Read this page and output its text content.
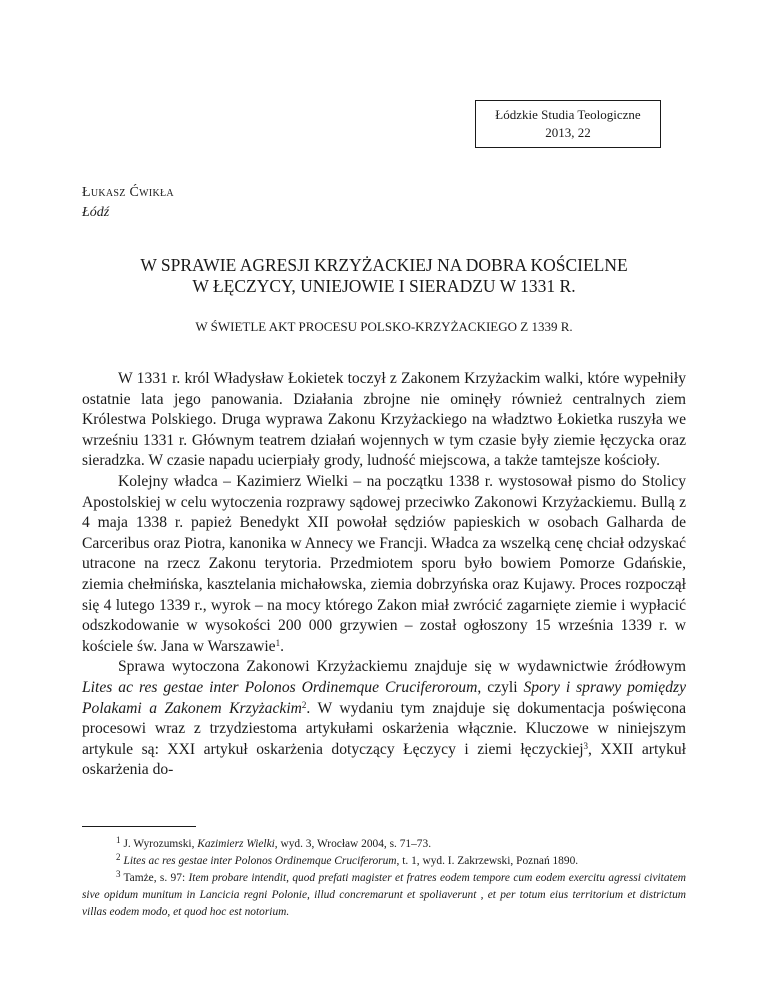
Łódzkie Studia Teologiczne
2013, 22
Łukasz Ćwikła
Łódź
W SPRAWIE AGRESJI KRZYŻACKIEJ NA DOBRA KOŚCIELNE
W ŁĘCZYCY, UNIEJOWIE I SIERADZU W 1331 R.
W ŚWIETLE AKT PROCESU POLSKO-KRZYŻACKIEGO Z 1339 R.

W 1331 r. król Władysław Łokietek toczył z Zakonem Krzyżackim walki, które wypełniły ostatnie lata jego panowania. Działania zbrojne nie ominęły również centralnych ziem Królestwa Polskiego. Druga wyprawa Zakonu Krzyżackiego na władztwo Łokietka ruszyła we wrześniu 1331 r. Głównym teatrem działań wojennych w tym czasie były ziemie łęczycka oraz sieradzka. W czasie napadu ucierpiały grody, ludność miejscowa, a także tamtejsze kościoły.

Kolejny władca – Kazimierz Wielki – na początku 1338 r. wystosował pismo do Stolicy Apostolskiej w celu wytoczenia rozprawy sądowej przeciwko Zakonowi Krzyżackiemu. Bullą z 4 maja 1338 r. papież Benedykt XII powołał sędziów papieskich w osobach Galharda de Carceribus oraz Piotra, kanonika w Annecy we Francji. Władca za wszelką cenę chciał odzyskać utracone na rzecz Zakonu terytoria. Przedmiotem sporu było bowiem Pomorze Gdańskie, ziemia chełmińska, kasztelania michałowska, ziemia dobrzyńska oraz Kujawy. Proces rozpoczął się 4 lutego 1339 r., wyrok – na mocy którego Zakon miał zwrócić zagarnięte ziemie i wypłacić odszkodowanie w wysokości 200 000 grzywien – został ogłoszony 15 września 1339 r. w kościele św. Jana w Warszawie$^1$.

Sprawa wytoczona Zakonowi Krzyżackiemu znajduje się w wydawnictwie źródłowym Lites ac res gestae inter Polonos Ordinemque Cruciferoroum, czyli Spory i sprawy pomiędzy Polakami a Zakonem Krzyżackim$^2$. W wydaniu tym znajduje się dokumentacja poświęcona procesowi wraz z trzydziestoma artykułami oskarżenia włącznie. Kluczowe w niniejszym artykule są: XXI artykuł oskarżenia dotyczący Łęczycy i ziemi łęczyckiej$^3$, XXII artykuł oskarżenia do-

$^1$ J. Wyrozumski, Kazimierz Wielki, wyd. 3, Wrocław 2004, s. 71–73.

$^2$ Lites ac res gestae inter Polonos Ordinemque Cruciferorum, t. 1, wyd. I. Zakrzewski, Poznań 1890.

$^3$ Tamże, s. 97: Item probare intendit, quod prefati magister et fratres eodem tempore cum eodem exercitu agressi civitatem sive opidum munitum in Lancicia regni Polonie, illud concremarunt et spoliaverunt , et per totum eius territorium et districtum villas eodem modo, et quod hoc est notorium.
